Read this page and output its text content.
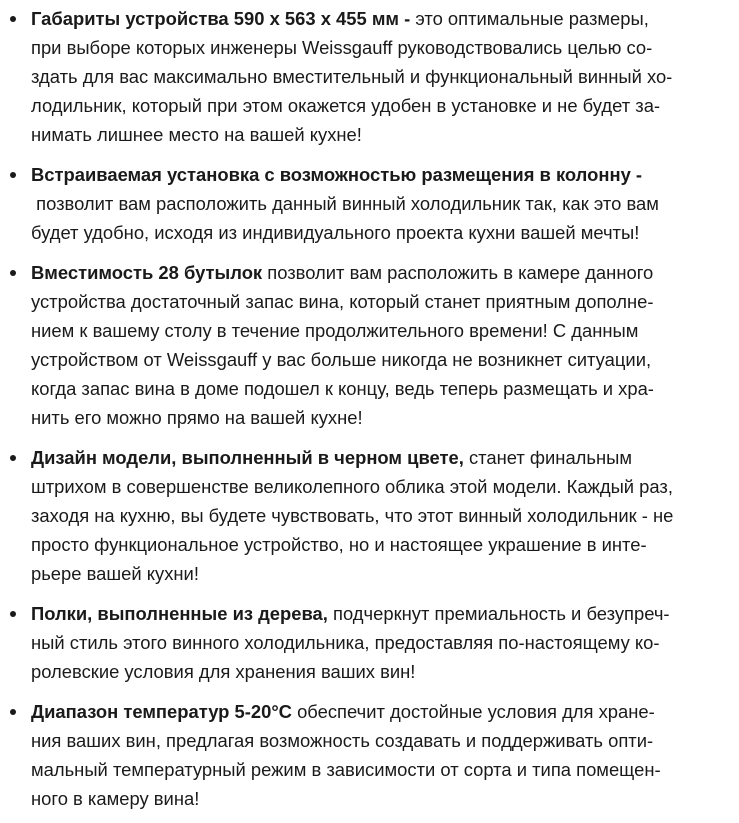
Габариты устройства 590 х 563 х 455 мм - это оптимальные размеры,
при выборе которых инженеры Weissgauff руководствовались целью со-
здать для вас максимально вместительный и функциональный винный хо-
лодильник, который при этом окажется удобен в установке и не будет за-
нимать лишнее место на вашей кухне!
Встраиваемая установка с возможностью размещения в колонну -
позволит вам расположить данный винный холодильник так, как это вам
будет удобно, исходя из индивидуального проекта кухни вашей мечты!
Вместимость 28 бутылок позволит вам расположить в камере данного
устройства достаточный запас вина, который станет приятным дополне-
нием к вашему столу в течение продолжительного времени! С данным
устройством от Weissgauff у вас больше никогда не возникнет ситуации,
когда запас вина в доме подошел к концу, ведь теперь размещать и хра-
нить его можно прямо на вашей кухне!
Дизайн модели, выполненный в черном цвете, станет финальным
штрихом в совершенстве великолепного облика этой модели. Каждый раз,
заходя на кухню, вы будете чувствовать, что этот винный холодильник - не
просто функциональное устройство, но и настоящее украшение в инте-
рьере вашей кухни!
Полки, выполненные из дерева, подчеркнут премиальность и безупреч-
ный стиль этого винного холодильника, предоставляя по-настоящему ко-
ролевские условия для хранения ваших вин!
Диапазон температур 5-20°С обеспечит достойные условия для хране-
ния ваших вин, предлагая возможность создавать и поддерживать опти-
мальный температурный режим в зависимости от сорта и типа помещен-
ного в камеру вина!
